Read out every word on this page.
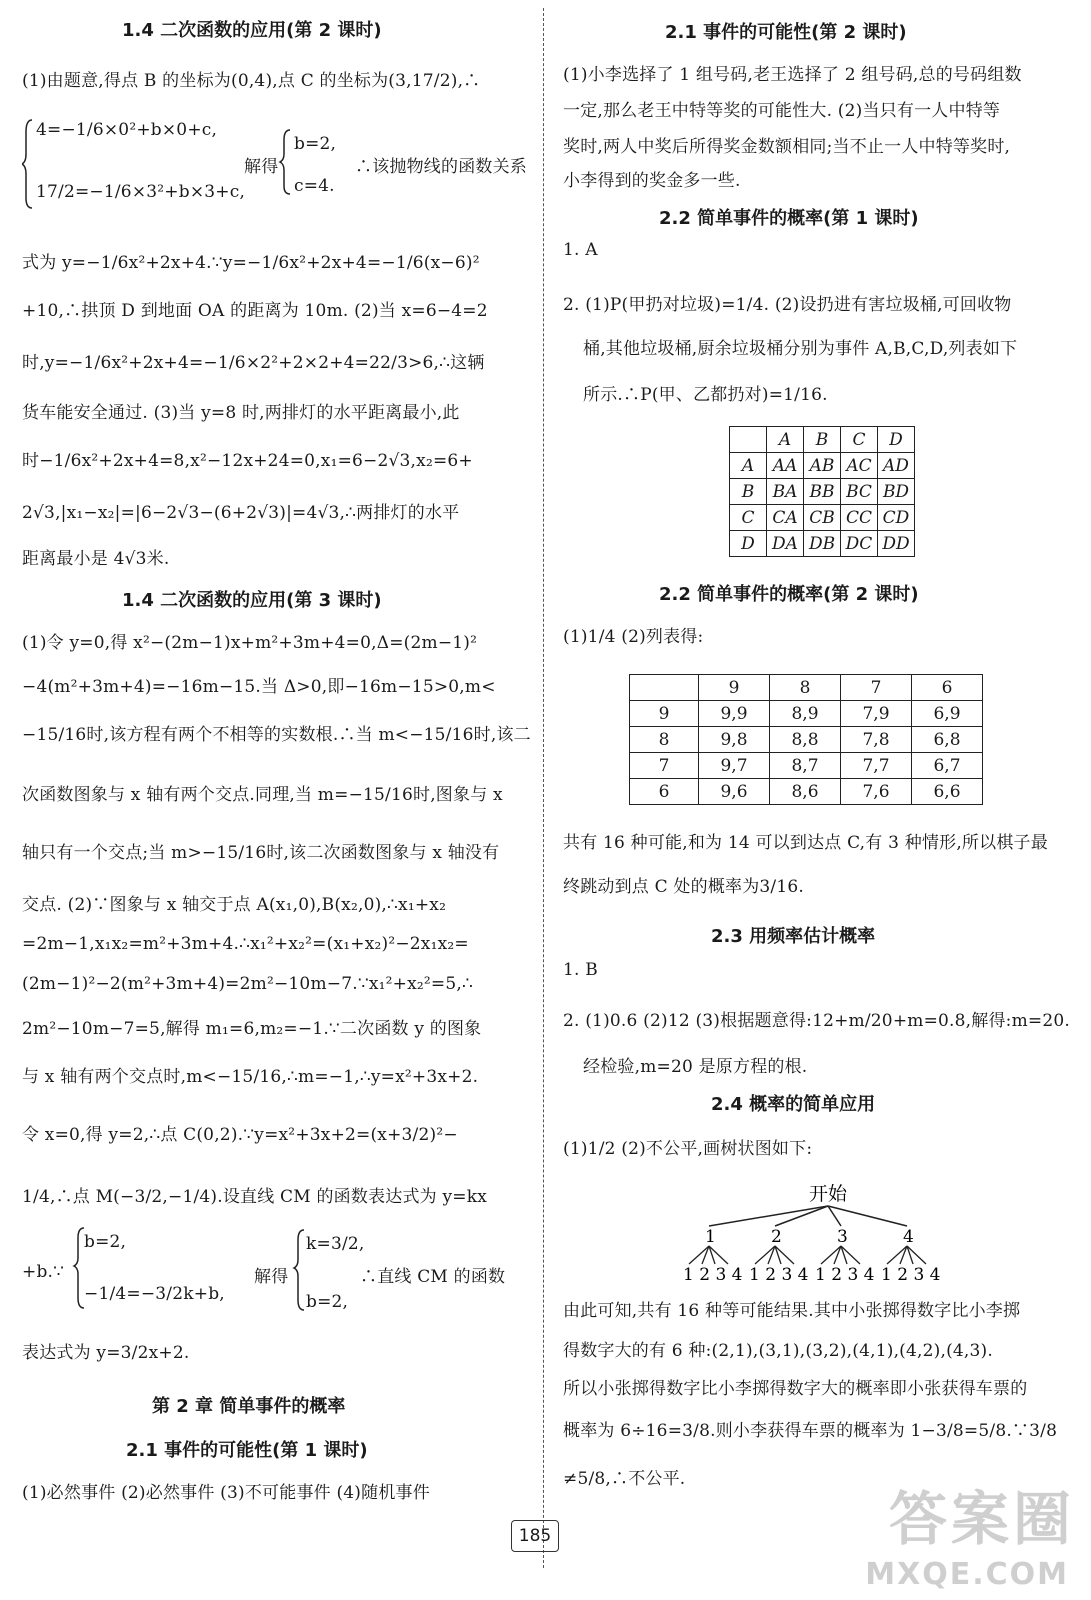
1.4 二次函数的应用(第 2 课时)
(1)由题意,得点 B 的坐标为(0,4),点 C 的坐标为(3,17/2),∴
4=−1/6×0²+b×0+c,
17/2=−1/6×3²+b×3+c,
解得
b=2,
c=4.
∴该抛物线的函数关系
式为 y=−1/6x²+2x+4.∵y=−1/6x²+2x+4=−1/6(x−6)²
+10,∴拱顶 D 到地面 OA 的距离为 10m. (2)当 x=6−4=2
时,y=−1/6x²+2x+4=−1/6×2²+2×2+4=22/3>6,∴这辆
货车能安全通过. (3)当 y=8 时,两排灯的水平距离最小,此
时−1/6x²+2x+4=8,x²−12x+24=0,x₁=6−2√3,x₂=6+
2√3,|x₁−x₂|=|6−2√3−(6+2√3)|=4√3,∴两排灯的水平
距离最小是 4√3米.
1.4 二次函数的应用(第 3 课时)
(1)令 y=0,得 x²−(2m−1)x+m²+3m+4=0,Δ=(2m−1)²
−4(m²+3m+4)=−16m−15.当 Δ>0,即−16m−15>0,m<
−15/16时,该方程有两个不相等的实数根.∴当 m<−15/16时,该二
次函数图象与 x 轴有两个交点.同理,当 m=−15/16时,图象与 x
轴只有一个交点;当 m>−15/16时,该二次函数图象与 x 轴没有
交点. (2)∵图象与 x 轴交于点 A(x₁,0),B(x₂,0),∴x₁+x₂
=2m−1,x₁x₂=m²+3m+4.∴x₁²+x₂²=(x₁+x₂)²−2x₁x₂=
(2m−1)²−2(m²+3m+4)=2m²−10m−7.∵x₁²+x₂²=5,∴
2m²−10m−7=5,解得 m₁=6,m₂=−1.∵二次函数 y 的图象
与 x 轴有两个交点时,m<−15/16,∴m=−1,∴y=x²+3x+2.
令 x=0,得 y=2,∴点 C(0,2).∵y=x²+3x+2=(x+3/2)²−
1/4,∴点 M(−3/2,−1/4).设直线 CM 的函数表达式为 y=kx
b=2,
+b.∵
−1/4=−3/2k+b,
解得
k=3/2,
b=2,
∴直线 CM 的函数
表达式为 y=3/2x+2.
第 2 章 简单事件的概率
2.1 事件的可能性(第 1 课时)
(1)必然事件 (2)必然事件 (3)不可能事件 (4)随机事件
2.1 事件的可能性(第 2 课时)
(1)小李选择了 1 组号码,老王选择了 2 组号码,总的号码组数
一定,那么老王中特等奖的可能性大. (2)当只有一人中特等
奖时,两人中奖后所得奖金数额相同;当不止一人中特等奖时,
小李得到的奖金多一些.
2.2 简单事件的概率(第 1 课时)
1. A
2. (1)P(甲扔对垃圾)=1/4. (2)设扔进有害垃圾桶,可回收物
桶,其他垃圾桶,厨余垃圾桶分别为事件 A,B,C,D,列表如下
所示.∴P(甲、乙都扔对)=1/16.
	A	B	C	D
A	AA	AB	AC	AD
B	BA	BB	BC	BD
C	CA	CB	CC	CD
D	DA	DB	DC	DD
2.2 简单事件的概率(第 2 课时)
(1)1/4 (2)列表得:
	9	8	7	6
9	9,9	8,9	7,9	6,9
8	9,8	8,8	7,8	6,8
7	9,7	8,7	7,7	6,7
6	9,6	8,6	7,6	6,6
共有 16 种可能,和为 14 可以到达点 C,有 3 种情形,所以棋子最
终跳动到点 C 处的概率为3/16.
2.3 用频率估计概率
1. B
2. (1)0.6 (2)12 (3)根据题意得:12+m/20+m=0.8,解得:m=20.
经检验,m=20 是原方程的根.
2.4 概率的简单应用
(1)1/2 (2)不公平,画树状图如下:
开始
1	2	3	4
1 2 3 4 1 2 3 4 1 2 3 4 1 2 3 4
由此可知,共有 16 种等可能结果.其中小张掷得数字比小李掷
得数字大的有 6 种:(2,1),(3,1),(3,2),(4,1),(4,2),(4,3).
所以小张掷得数字比小李掷得数字大的概率即小张获得车票的
概率为 6÷16=3/8.则小李获得车票的概率为 1−3/8=5/8.∵3/8
≠5/8,∴不公平.
185	答案圈
MXQE.COM
